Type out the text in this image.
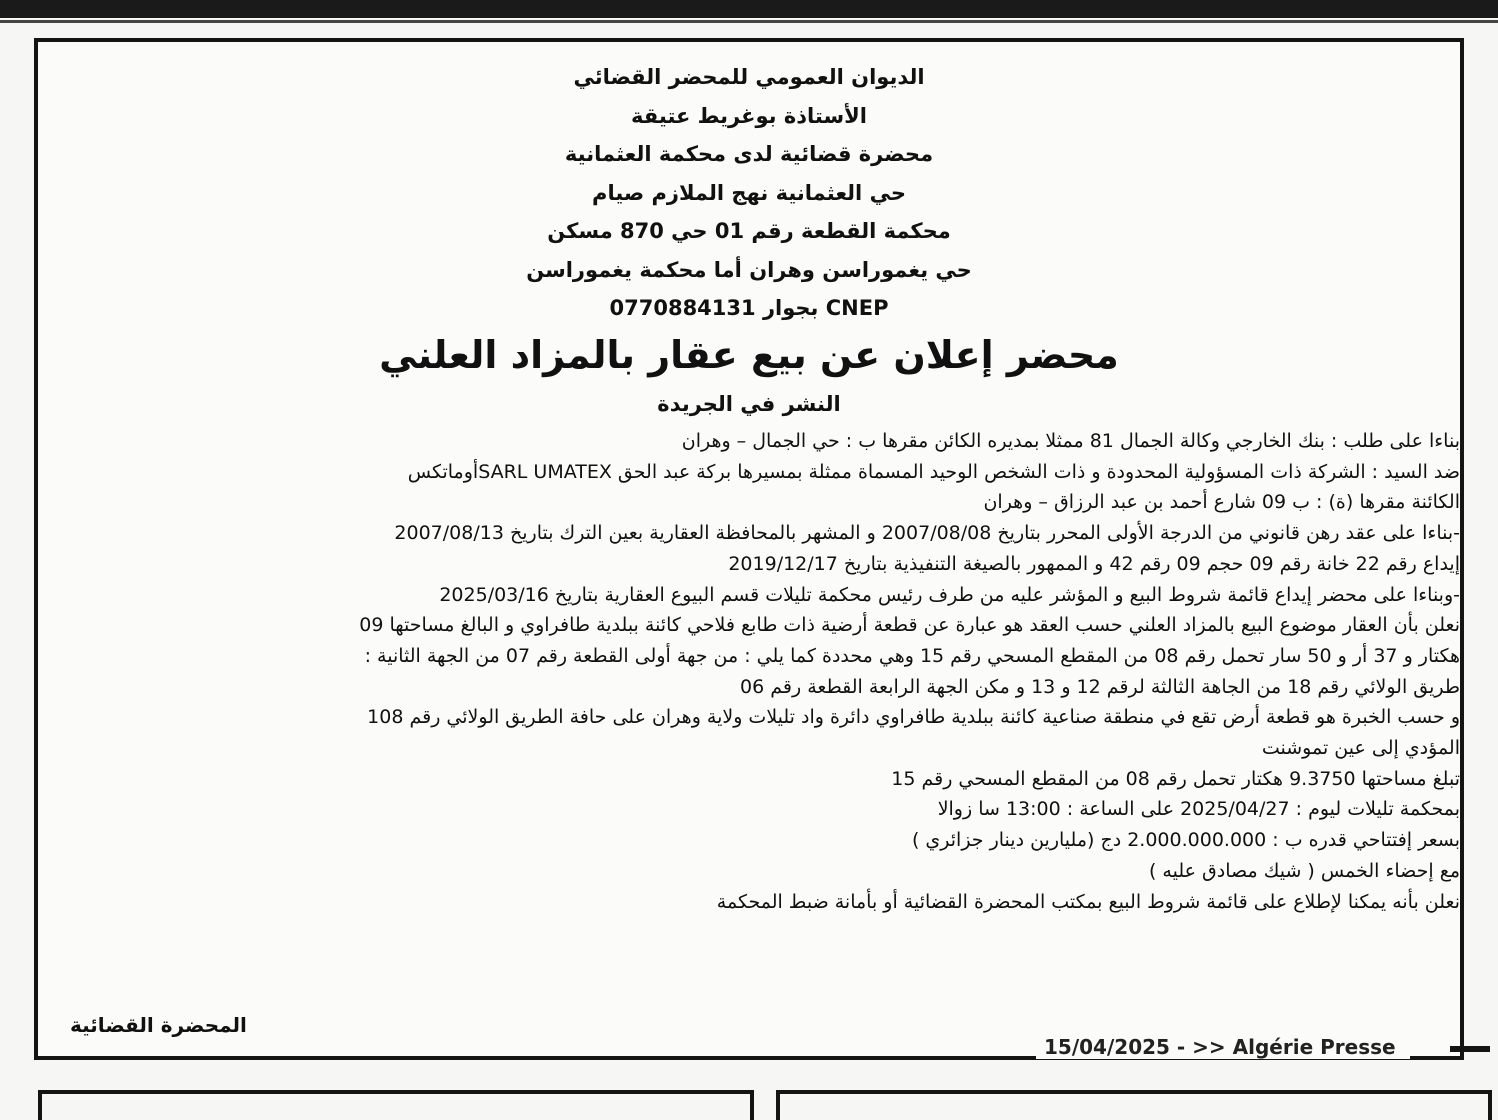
الديوان العمومي للمحضر القضائي
الأستاذة بوغريط عتيقة
محضرة قضائية لدى محكمة العثمانية
حي العثمانية نهج الملازم صيام
محكمة القطعة رقم 01 حي 870 مسكن
حي يغموراسن وهران أما محكمة يغموراسن
CNEP بجوار 0770884131
محضر إعلان عن بيع عقار بالمزاد العلني
النشر في الجريدة
بناءا على طلب : بنك الخارجي وكالة الجمال 81 ممثلا بمديره الكائن مقرها ب : حي الجمال – وهران
ضد السيد : الشركة ذات المسؤولية المحدودة و ذات الشخص الوحيد المسماة ممثلة بمسيرها بركة عبد الحق SARL UMATEXأوماتكس
الكائنة مقرها (ة) : ب 09 شارع أحمد بن عبد الرزاق – وهران
-بناءا على عقد رهن قانوني من الدرجة الأولى المحرر بتاريخ 2007/08/08 و المشهر بالمحافظة العقارية بعين الترك بتاريخ 2007/08/13
إيداع رقم 22 خانة رقم 09 حجم 09 رقم 42 و الممهور بالصيغة التنفيذية بتاريخ 2019/12/17
-وبناءا على محضر إيداع قائمة شروط البيع و المؤشر عليه من طرف رئيس محكمة تليلات قسم البيوع العقارية بتاريخ 2025/03/16
نعلن بأن العقار موضوع البيع بالمزاد العلني حسب العقد هو عبارة عن قطعة أرضية ذات طابع فلاحي كائنة ببلدية طافراوي و البالغ مساحتها 09
هكتار و 37 أر و 50 سار تحمل رقم 08 من المقطع المسحي رقم 15 وهي محددة كما يلي : من جهة أولى القطعة رقم 07 من الجهة الثانية :
طريق الولائي رقم 18 من الجاهة الثالثة لرقم 12 و 13 و مكن الجهة الرابعة القطعة رقم 06
و حسب الخبرة هو قطعة أرض تقع في منطقة صناعية كائنة ببلدية طافراوي دائرة واد تليلات ولاية وهران على حافة الطريق الولائي رقم 108
المؤدي إلى عين تموشنت
تبلغ مساحتها 9.3750 هكتار تحمل رقم 08 من المقطع المسحي رقم 15
بمحكمة تليلات ليوم : 2025/04/27 على الساعة : 13:00 سا زوالا
بسعر إفتتاحي قدره ب : 2.000.000.000 دج (مليارين دينار جزائري )
مع إحضاء الخمس ( شيك مصادق عليه )
نعلن بأنه يمكنا لإطلاع على قائمة شروط البيع بمكتب المحضرة القضائية أو بأمانة ضبط المحكمة
المحضرة القضائية
15/04/2025 - >> Algérie Presse
